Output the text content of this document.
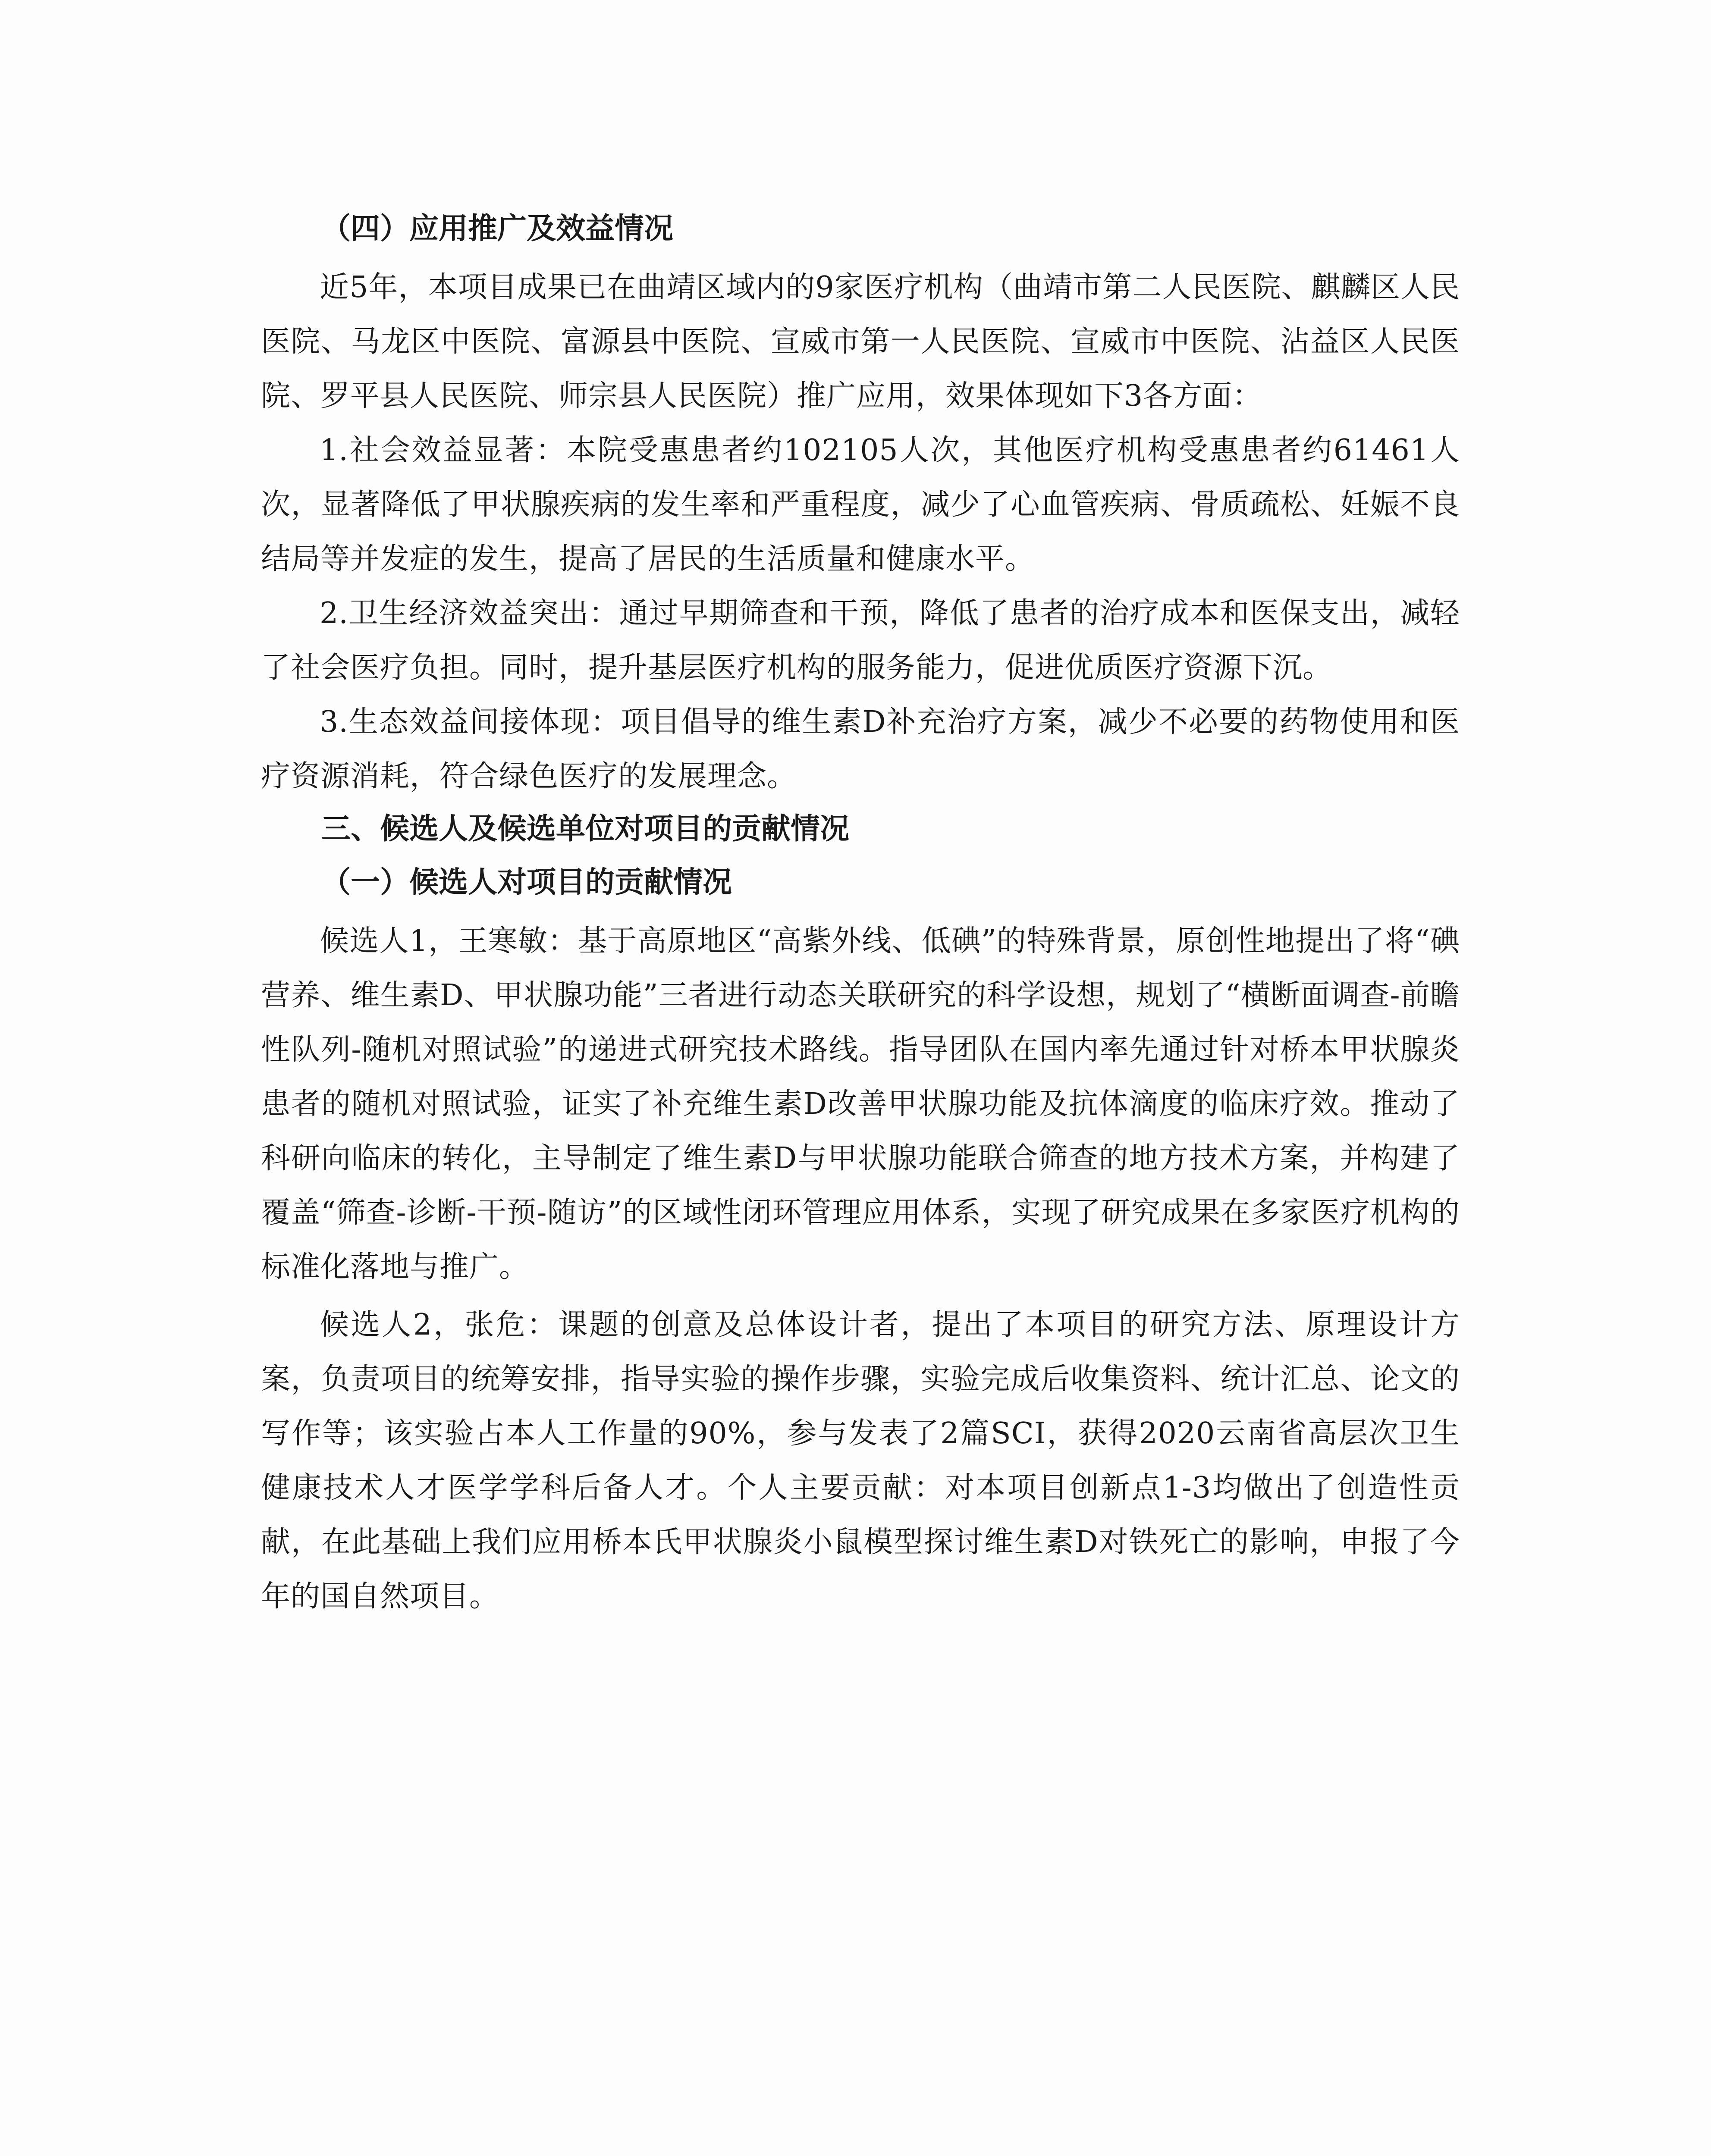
（四）应用推广及效益情况

近5年，本项目成果已在曲靖区域内的9家医疗机构（曲靖市第二人民医院、麒麟区人民医院、马龙区中医院、富源县中医院、宣威市第一人民医院、宣威市中医院、沾益区人民医院、罗平县人民医院、师宗县人民医院）推广应用，效果体现如下3各方面：

1.社会效益显著：本院受惠患者约102105人次，其他医疗机构受惠患者约61461人次，显著降低了甲状腺疾病的发生率和严重程度，减少了心血管疾病、骨质疏松、妊娠不良结局等并发症的发生，提高了居民的生活质量和健康水平。

2.卫生经济效益突出：通过早期筛查和干预，降低了患者的治疗成本和医保支出，减轻了社会医疗负担。同时，提升基层医疗机构的服务能力，促进优质医疗资源下沉。

3.生态效益间接体现：项目倡导的维生素D补充治疗方案，减少不必要的药物使用和医疗资源消耗，符合绿色医疗的发展理念。

三、候选人及候选单位对项目的贡献情况
（一）候选人对项目的贡献情况

候选人1，王寒敏：基于高原地区“高紫外线、低碘”的特殊背景，原创性地提出了将“碘营养、维生素D、甲状腺功能”三者进行动态关联研究的科学设想，规划了“横断面调查-前瞻性队列-随机对照试验”的递进式研究技术路线。指导团队在国内率先通过针对桥本甲状腺炎患者的随机对照试验，证实了补充维生素D改善甲状腺功能及抗体滴度的临床疗效。推动了科研向临床的转化，主导制定了维生素D与甲状腺功能联合筛查的地方技术方案，并构建了覆盖“筛查-诊断-干预-随访”的区域性闭环管理应用体系，实现了研究成果在多家医疗机构的标准化落地与推广。

候选人2，张危：课题的创意及总体设计者，提出了本项目的研究方法、原理设计方案，负责项目的统筹安排，指导实验的操作步骤，实验完成后收集资料、统计汇总、论文的写作等；该实验占本人工作量的90%，参与发表了2篇SCI，获得2020云南省高层次卫生健康技术人才医学学科后备人才。个人主要贡献：对本项目创新点1-3均做出了创造性贡献，在此基础上我们应用桥本氏甲状腺炎小鼠模型探讨维生素D对铁死亡的影响，申报了今年的国自然项目。
